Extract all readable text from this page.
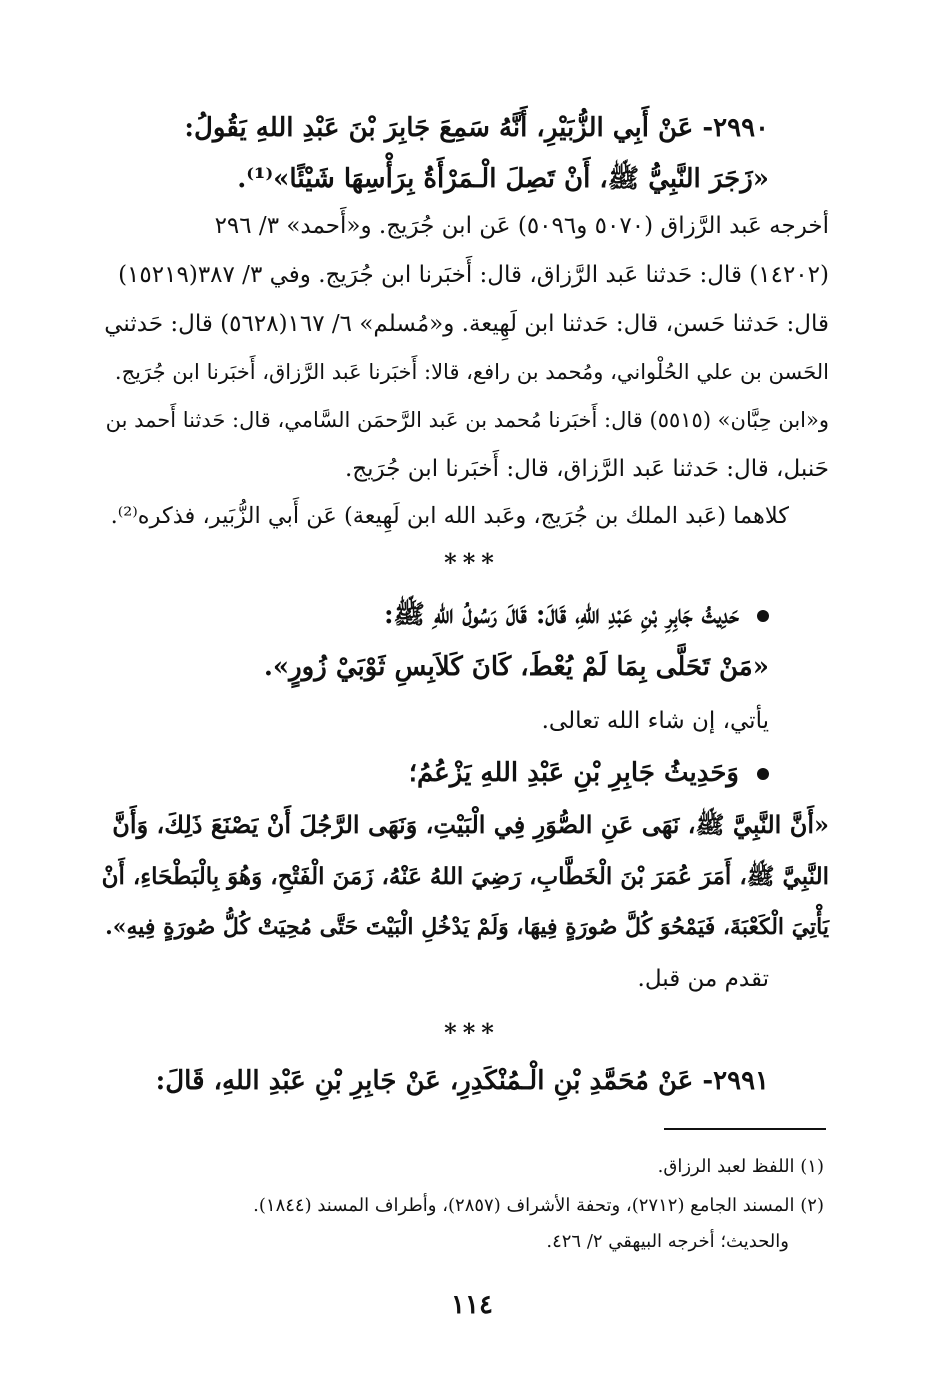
٢٩٩٠- عَنْ أَبِي الزُّبَيْرِ، أَنَّهُ سَمِعَ جَابِرَ بْنَ عَبْدِ اللهِ يَقُولُ:
«زَجَرَ النَّبِيُّ ﷺ، أَنْ تَصِلَ الْـمَرْأَةُ بِرَأْسِهَا شَيْئًا»⁽¹⁾.
أخرجه عَبد الرَّزاق (٥٠٧٠ و٥٠٩٦) عَن ابن جُرَيج. و«أَحمد» ٣/ ٢٩٦
(١٤٢٠٢) قال: حَدثنا عَبد الرَّزاق، قال: أَخبَرنا ابن جُرَيج. وفي ٣/ ٣٨٧(١٥٢١٩)
قال: حَدثنا حَسن، قال: حَدثنا ابن لَهِيعة. و«مُسلم» ٦/ ١٦٧(٥٦٢٨) قال: حَدثني
الحَسن بن علي الحُلْواني، ومُحمد بن رافع، قالا: أَخبَرنا عَبد الرَّزاق، أَخبَرنا ابن جُرَيج.
و«ابن حِبَّان» (٥٥١٥) قال: أَخبَرنا مُحمد بن عَبد الرَّحمَن السَّامي، قال: حَدثنا أَحمد بن
حَنبل، قال: حَدثنا عَبد الرَّزاق، قال: أَخبَرنا ابن جُرَيج.
كلاهما (عَبد الملك بن جُرَيج، وعَبد الله ابن لَهِيعة) عَن أَبي الزُّبَير، فذكره⁽²⁾.
***
حَدِيثُ جَابِرِ بْنِ عَبْدِ اللهِ، قَالَ: قَالَ رَسُولُ اللهِ ﷺ:
«مَنْ تَحَلَّى بِمَا لَمْ يُعْطَ، كَانَ كَلاَبِسِ ثَوْبَيْ زُورٍ».
يأتي، إن شاء الله تعالى.
وَحَدِيثُ جَابِرِ بْنِ عَبْدِ اللهِ يَزْعُمُ؛
«أَنَّ النَّبِيَّ ﷺ، نَهَى عَنِ الصُّوَرِ فِي الْبَيْتِ، وَنَهَى الرَّجُلَ أَنْ يَصْنَعَ ذَلِكَ، وَأَنَّ
النَّبِيَّ ﷺ، أَمَرَ عُمَرَ بْنَ الْخَطَّابِ، رَضِيَ اللهُ عَنْهُ، زَمَنَ الْفَتْحِ، وَهُوَ بِالْبَطْحَاءِ، أَنْ
يَأْتِيَ الْكَعْبَةَ، فَيَمْحُوَ كُلَّ صُورَةٍ فِيهَا، وَلَمْ يَدْخُلِ الْبَيْتَ حَتَّى مُحِيَتْ كُلُّ صُورَةٍ فِيهِ».
تقدم من قبل.
***
٢٩٩١- عَنْ مُحَمَّدِ بْنِ الْـمُنْكَدِرِ، عَنْ جَابِرِ بْنِ عَبْدِ اللهِ، قَالَ:
(١) اللفظ لعبد الرزاق.
(٢) المسند الجامع (٢٧١٢)، وتحفة الأشراف (٢٨٥٧)، وأطراف المسند (١٨٤٤).
والحديث؛ أخرجه البيهقي ٢/ ٤٢٦.
١١٤
